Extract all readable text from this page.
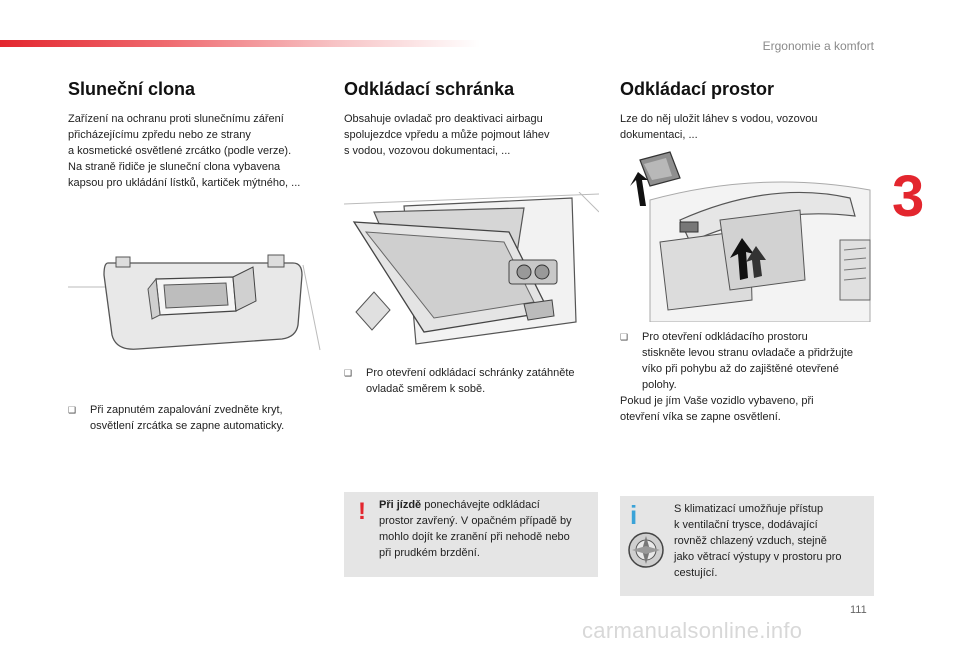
Ergonomie a komfort
3
Sluneční clona

Zařízení na ochranu proti slunečnímu záření
přicházejícímu zpředu nebo ze strany
a kosmetické osvětlené zrcátko (podle verze).
Na straně řidiče je sluneční clona vybavena
kapsou pro ukládání lístků, kartiček mýtného, ...

❑	Při zapnutém zapalování zvedněte kryt,
osvětlení zrcátka se zapne automaticky.
Odkládací schránka

Obsahuje ovladač pro deaktivaci airbagu
spolujezdce vpředu a může pojmout láhev
s vodou, vozovou dokumentaci, ...

❑	Pro otevření odkládací schránky zatáhněte
ovladač směrem k sobě.
! Při jízdě ponechávejte odkládací
prostor zavřený. V opačném případě by
mohlo dojít ke zranění při nehodě nebo
při prudkém brzdění.
Odkládací prostor

Lze do něj uložit láhev s vodou, vozovou
dokumentaci, ...

❑	Pro otevření odkládacího prostoru
stiskněte levou stranu ovladače a přidržujte
víko při pohybu až do zajištěné otevřené
polohy.

Pokud je jím Vaše vozidlo vybaveno, při
otevření víka se zapne osvětlení.

i	S klimatizací umožňuje přístup
k ventilační trysce, dodávající
rovněž chlazený vzduch, stejně
jako větrací výstupy v prostoru pro
cestující.
111
carmanualsonline.info
